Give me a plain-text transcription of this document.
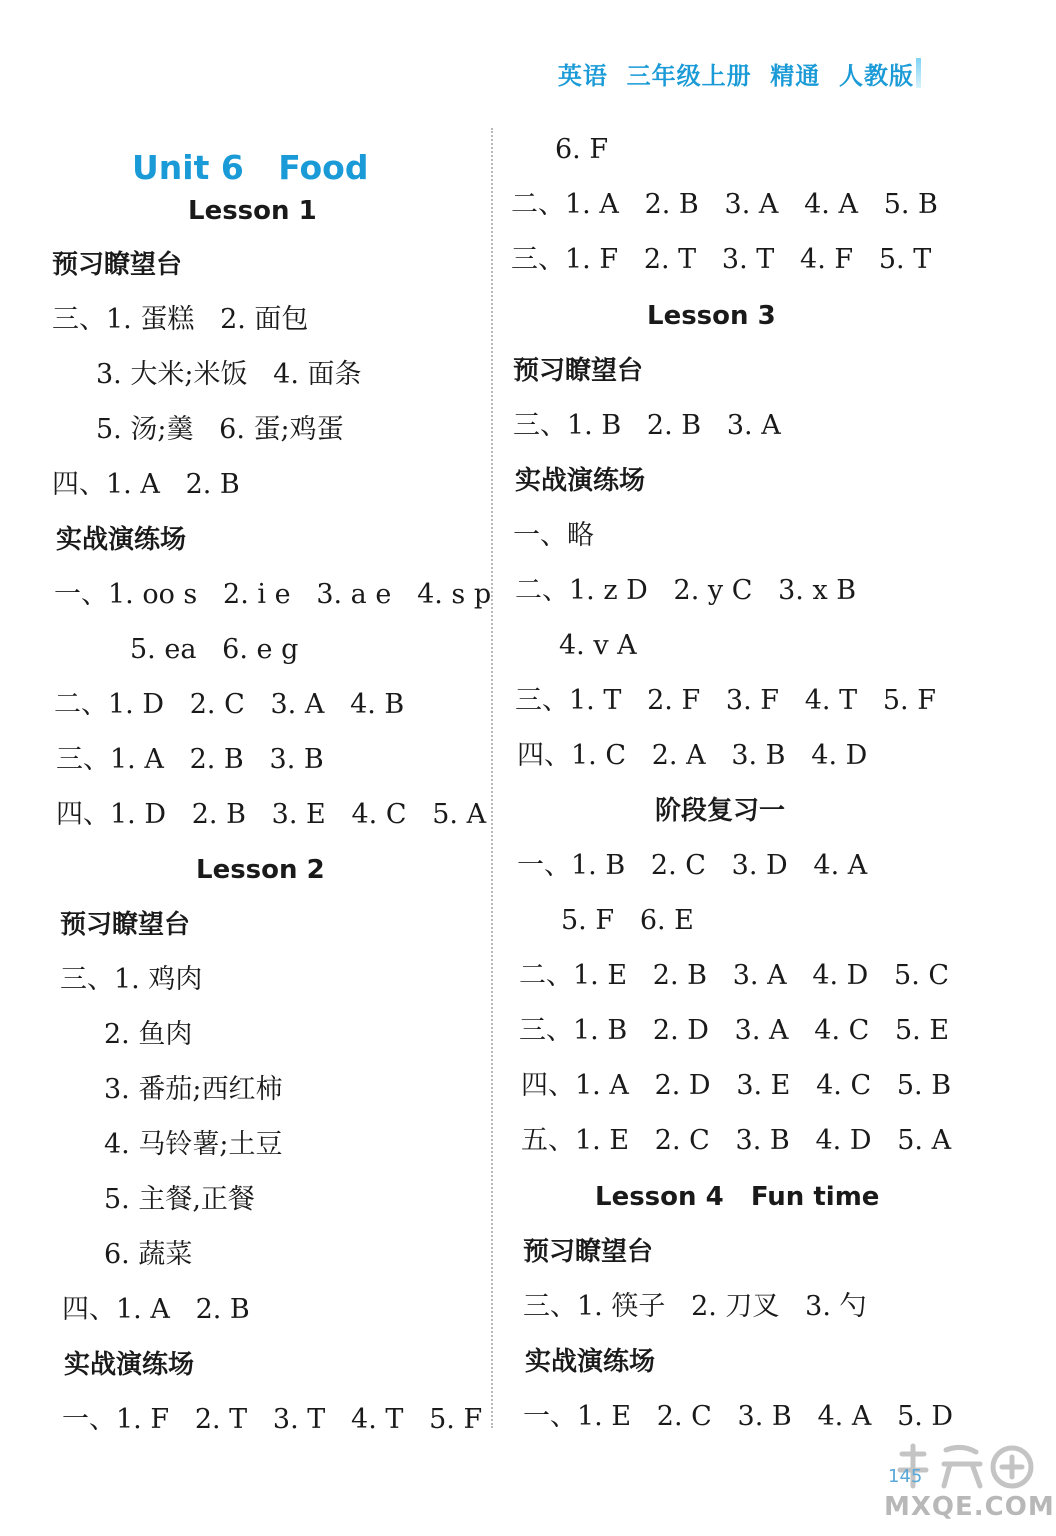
英语  三年级上册  精通  人教版
Unit 6   Food
Lesson 1
预习瞭望台
三、1. 蛋糕   2. 面包
3. 大米;米饭   4. 面条
5. 汤;羹   6. 蛋;鸡蛋
四、1. A   2. B
实战演练场
一、1. oo s   2. i e   3. a e   4. s p
5. ea   6. e g
二、1. D   2. C   3. A   4. B
三、1. A   2. B   3. B
四、1. D   2. B   3. E   4. C   5. A
Lesson 2
预习瞭望台
三、1. 鸡肉
2. 鱼肉
3. 番茄;西红柿
4. 马铃薯;土豆
5. 主餐,正餐
6. 蔬菜
四、1. A   2. B
实战演练场
一、1. F   2. T   3. T   4. T   5. F
6. F
二、1. A   2. B   3. A   4. A   5. B
三、1. F   2. T   3. T   4. F   5. T
Lesson 3
预习瞭望台
三、1. B   2. B   3. A
实战演练场
一、略
二、1. z D   2. y C   3. x B
4. v A
三、1. T   2. F   3. F   4. T   5. F
四、1. C   2. A   3. B   4. D
阶段复习一
一、1. B   2. C   3. D   4. A
5. F   6. E
二、1. E   2. B   3. A   4. D   5. C
三、1. B   2. D   3. A   4. C   5. E
四、1. A   2. D   3. E   4. C   5. B
五、1. E   2. C   3. B   4. D   5. A
Lesson 4   Fun time
预习瞭望台
三、1. 筷子   2. 刀叉   3. 勺
实战演练场
一、1. E   2. C   3. B   4. A   5. D
MXQE.COM
145
